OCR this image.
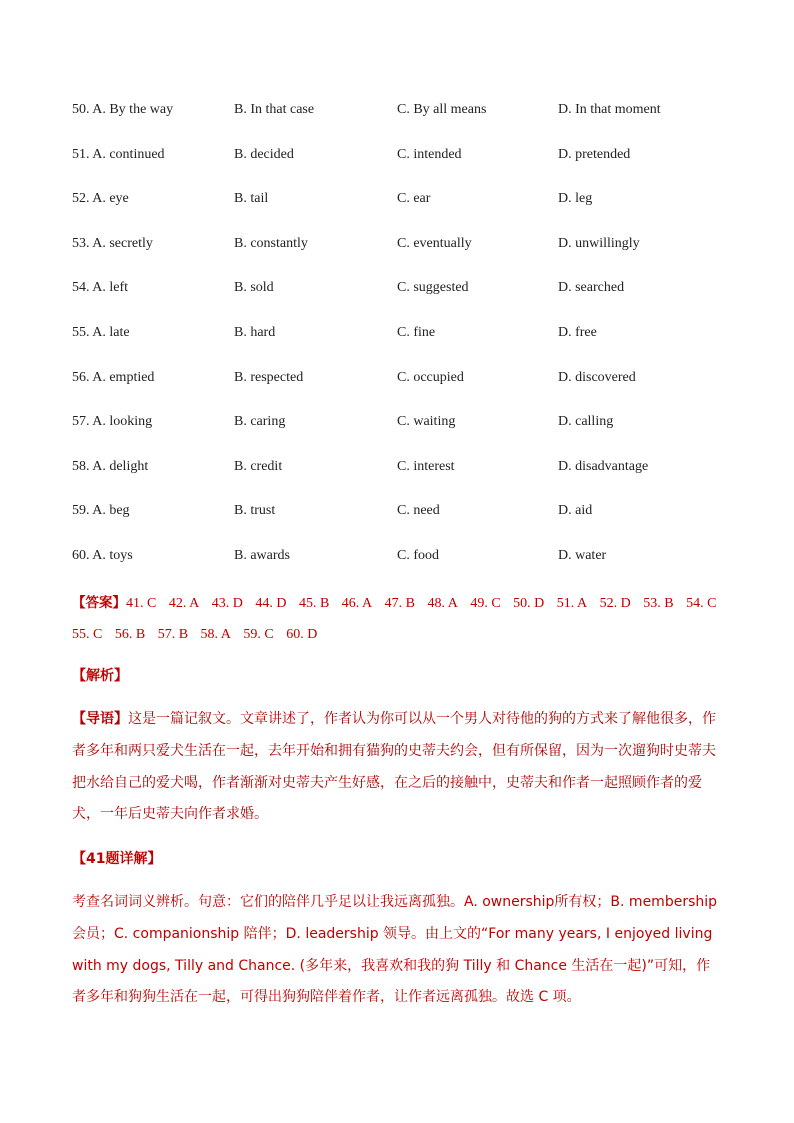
50. A. By the way	B. In that case	C. By all means	D. In that moment
51. A. continued	B. decided	C. intended	D. pretended
52. A. eye	B. tail	C. ear	D. leg
53. A. secretly	B. constantly	C. eventually	D. unwillingly
54. A. left	B. sold	C. suggested	D. searched
55. A. late	B. hard	C. fine	D. free
56. A. emptied	B. respected	C. occupied	D. discovered
57. A. looking	B. caring	C. waiting	D. calling
58. A. delight	B. credit	C. interest	D. disadvantage
59. A. beg	B. trust	C. need	D. aid
60. A. toys	B. awards	C. food	D. water
【答案】41. C 42. A 43. D 44. D 45. B 46. A 47. B 48. A 49. C 50. D 51. A 52. D 53. B 54. C55. C 56. B 57. B 58. A 59. C 60. D
【解析】
【导语】这是一篇记叙文。文章讲述了，作者认为你可以从一个男人对待他的狗的方式来了解他很多，作者多年和两只爱犬生活在一起，去年开始和拥有猫狗的史蒂夫约会，但有所保留，因为一次遛狗时史蒂夫把水给自己的爱犬喝，作者渐渐对史蒂夫产生好感，在之后的接触中，史蒂夫和作者一起照顾作者的爱犬，一年后史蒂夫向作者求婚。
【41题详解】
考查名词词义辨析。句意：它们的陪伴几乎足以让我远离孤独。A. ownership所有权；B. membership 会员；C. companionship 陪伴；D. leadership 领导。由上文的“For many years, I enjoyed living with my dogs, Tilly and Chance. (多年来，我喜欢和我的狗 Tilly 和 Chance 生活在一起)”可知，作者多年和狗狗生活在一起，可得出狗狗陪伴着作者，让作者远离孤独。故选 C 项。
